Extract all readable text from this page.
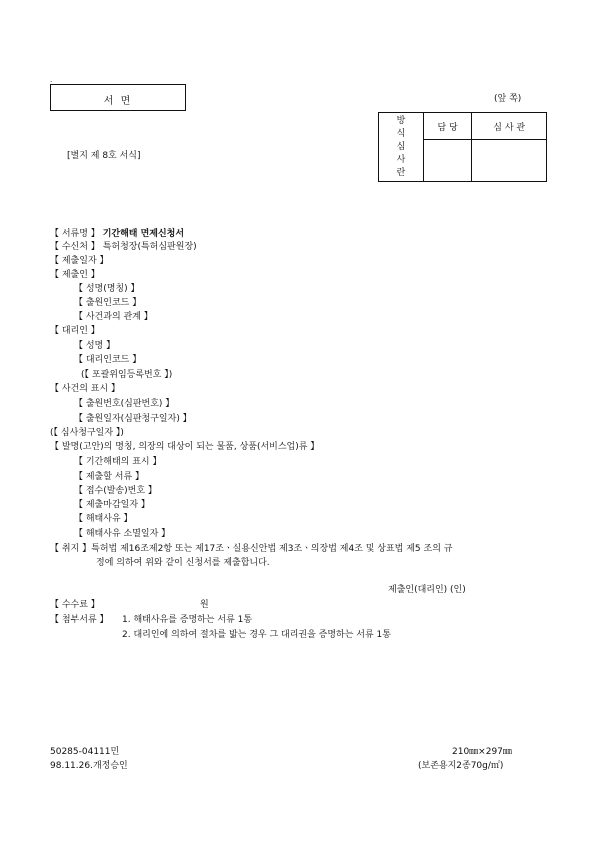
.
서 면	(앞 쪽)
[별지 제 8호 서식]
방
식
심
사
란	담 당	심 사 관

【 서류명 】 기간해태 면제신청서
【 수신처 】 특허청장(특허심판원장)
【 제출일자 】
【 제출인 】
【 성명(명칭) 】
【 출원인코드 】
【 사건과의 관계 】
【 대리인 】
【 성명 】
【 대리인코드 】
(【 포괄위임등록번호 】)
【 사건의 표시 】
【 출원번호(심판번호) 】
【 출원일자(심판청구일자) 】
(【 심사청구일자 】)
【 발명(고안)의 명칭, 의장의 대상이 되는 물품, 상품(서비스업)류 】
【 기간해태의 표시 】
【 제출할 서류 】
【 접수(발송)번호 】
【 제출마감일자 】
【 해태사유 】
【 해태사유 소멸일자 】
【 취지 】특허법 제16조제2항 또는 제17조ㆍ실용신안법 제3조ㆍ의장법 제4조 및 상표법 제5 조의 규
정에 의하여 위와 같이 신청서를 제출합니다.
제출인(대리인) (인)
【 수수료 】	원
【 첨부서류 】 1. 해태사유를 증명하는 서류 1통
2. 대리인에 의하여 절차를 밟는 경우 그 대리권을 증명하는 서류 1통
50285-04111민
98.11.26.개정승인
210㎜×297㎜
(보존용지2종70g/㎡)
